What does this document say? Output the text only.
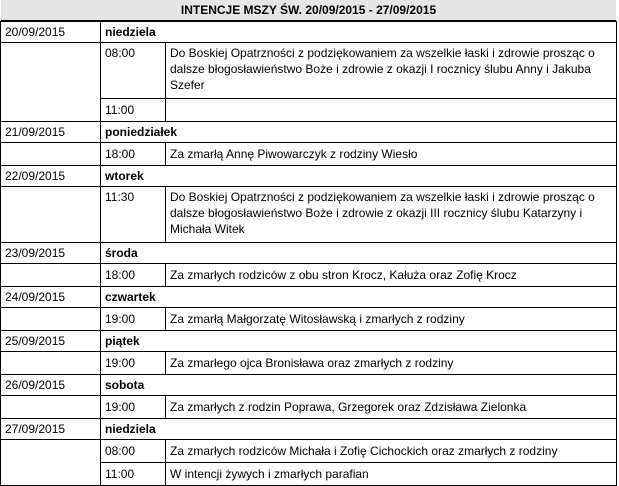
INTENCJE MSZY ŚW. 20/09/2015 - 27/09/2015
20/09/2015	niedziela	
	08:00	Do Boskiej Opatrzności z podziękowaniem za wszelkie łaski i zdrowie prosząc o dalsze błogosławieństwo Boże i zdrowie z okazji I rocznicy ślubu Anny i Jakuba Szefer
	11:00	
21/09/2015	poniedziałek	
	18:00	Za zmarłą Annę Piwowarczyk z rodziny Wiesło
22/09/2015	wtorek	
	11:30	Do Boskiej Opatrzności z podziękowaniem za wszelkie łaski i zdrowie prosząc o dalsze błogosławieństwo Boże i zdrowie z okazji III rocznicy ślubu Katarzyny i Michała Witek
23/09/2015	środa	
	18:00	Za zmarłych rodziców z obu stron Krocz, Kałuża oraz Zofię Krocz
24/09/2015	czwartek	
	19:00	Za zmarłą Małgorzatę Witosławską i zmarłych z rodziny
25/09/2015	piątek	
	19:00	Za zmarłego ojca Bronisława oraz zmarłych z rodziny
26/09/2015	sobota	
	19:00	Za zmarłych z rodzin Poprawa, Grzegorek oraz Zdzisława Zielonka
27/09/2015	niedziela	
	08:00	Za zmarłych rodziców Michała i Zofię Cichockich oraz zmarłych z rodziny
	11:00	W intencji żywych i zmarłych parafian
